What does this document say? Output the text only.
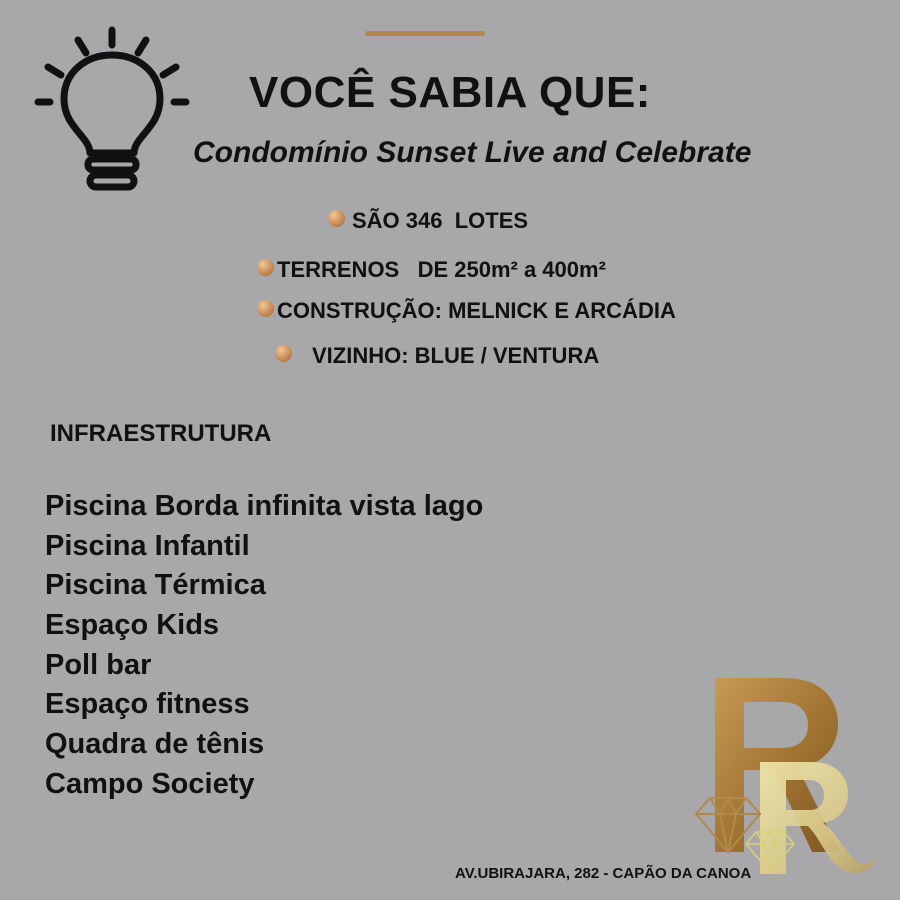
VOCÊ SABIA QUE:
Condomínio Sunset Live and Celebrate
SÃO 346  LOTES
TERRENOS   DE 250m² a 400m²
CONSTRUÇÃO: MELNICK E ARCÁDIA
VIZINHO: BLUE / VENTURA
INFRAESTRUTURA
Piscina Borda infinita vista lago
Piscina Infantil
Piscina Térmica
Espaço Kids
Poll bar
Espaço fitness
Quadra de tênis
Campo Society
AV.UBIRAJARA, 282 - CAPÃO DA CANOA
